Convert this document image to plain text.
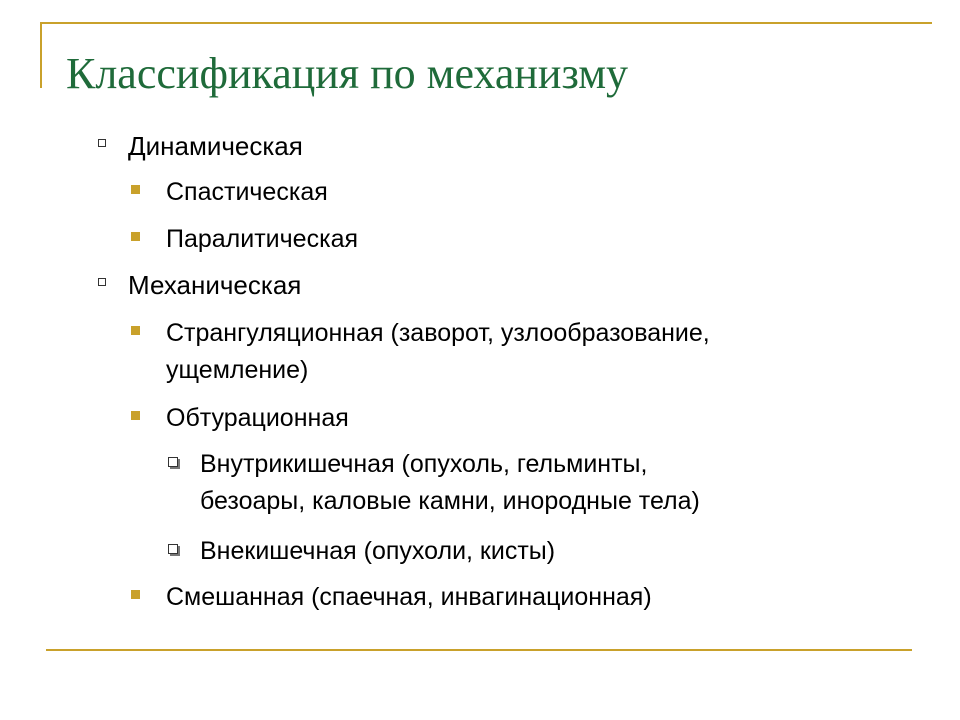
Классификация по механизму
Динамическая
Спастическая
Паралитическая
Механическая
Странгуляционная (заворот, узлообразование,
ущемление)
Обтурационная
Внутрикишечная (опухоль, гельминты,
безоары, каловые камни, инородные тела)
Внекишечная (опухоли, кисты)
Смешанная (спаечная, инвагинационная)
